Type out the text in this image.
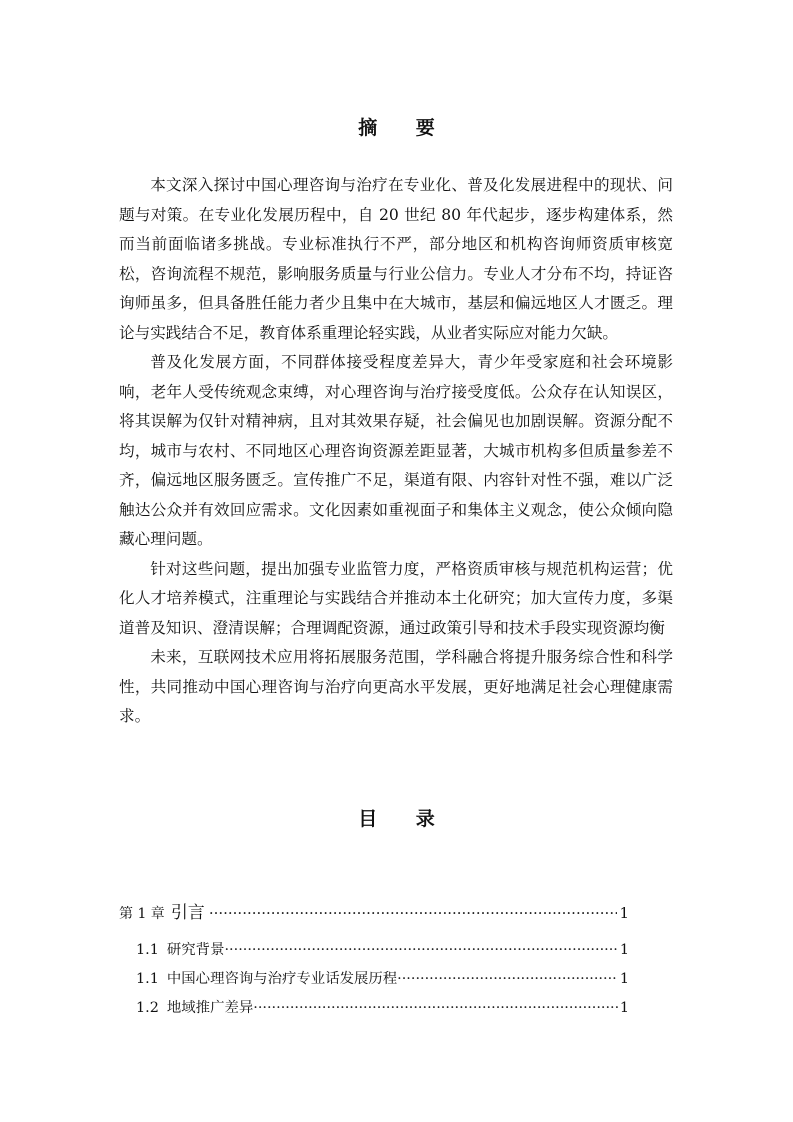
摘 要

本文深入探讨中国心理咨询与治疗在专业化、普及化发展进程中的现状、问题与对策。在专业化发展历程中，自 20 世纪 80 年代起步，逐步构建体系，然而当前面临诸多挑战。专业标准执行不严，部分地区和机构咨询师资质审核宽松，咨询流程不规范，影响服务质量与行业公信力。专业人才分布不均，持证咨询师虽多，但具备胜任能力者少且集中在大城市，基层和偏远地区人才匮乏。理论与实践结合不足，教育体系重理论轻实践，从业者实际应对能力欠缺。

普及化发展方面，不同群体接受程度差异大，青少年受家庭和社会环境影响，老年人受传统观念束缚，对心理咨询与治疗接受度低。公众存在认知误区，将其误解为仅针对精神病，且对其效果存疑，社会偏见也加剧误解。资源分配不均，城市与农村、不同地区心理咨询资源差距显著，大城市机构多但质量参差不齐，偏远地区服务匮乏。宣传推广不足，渠道有限、内容针对性不强，难以广泛触达公众并有效回应需求。文化因素如重视面子和集体主义观念，使公众倾向隐藏心理问题。

针对这些问题，提出加强专业监管力度，严格资质审核与规范机构运营；优化人才培养模式，注重理论与实践结合并推动本土化研究；加大宣传力度，多渠道普及知识、澄清误解；合理调配资源，通过政策引导和技术手段实现资源均衡

未来，互联网技术应用将拓展服务范围，学科融合将提升服务综合性和科学性，共同推动中国心理咨询与治疗向更高水平发展，更好地满足社会心理健康需求。

目 录
第 1 章 引言 ·····	1
1.1 研究背景 ·····	1
1.1 中国心理咨询与治疗专业话发展历程 ·····	1
1.2 地域推广差异 ·····	1
